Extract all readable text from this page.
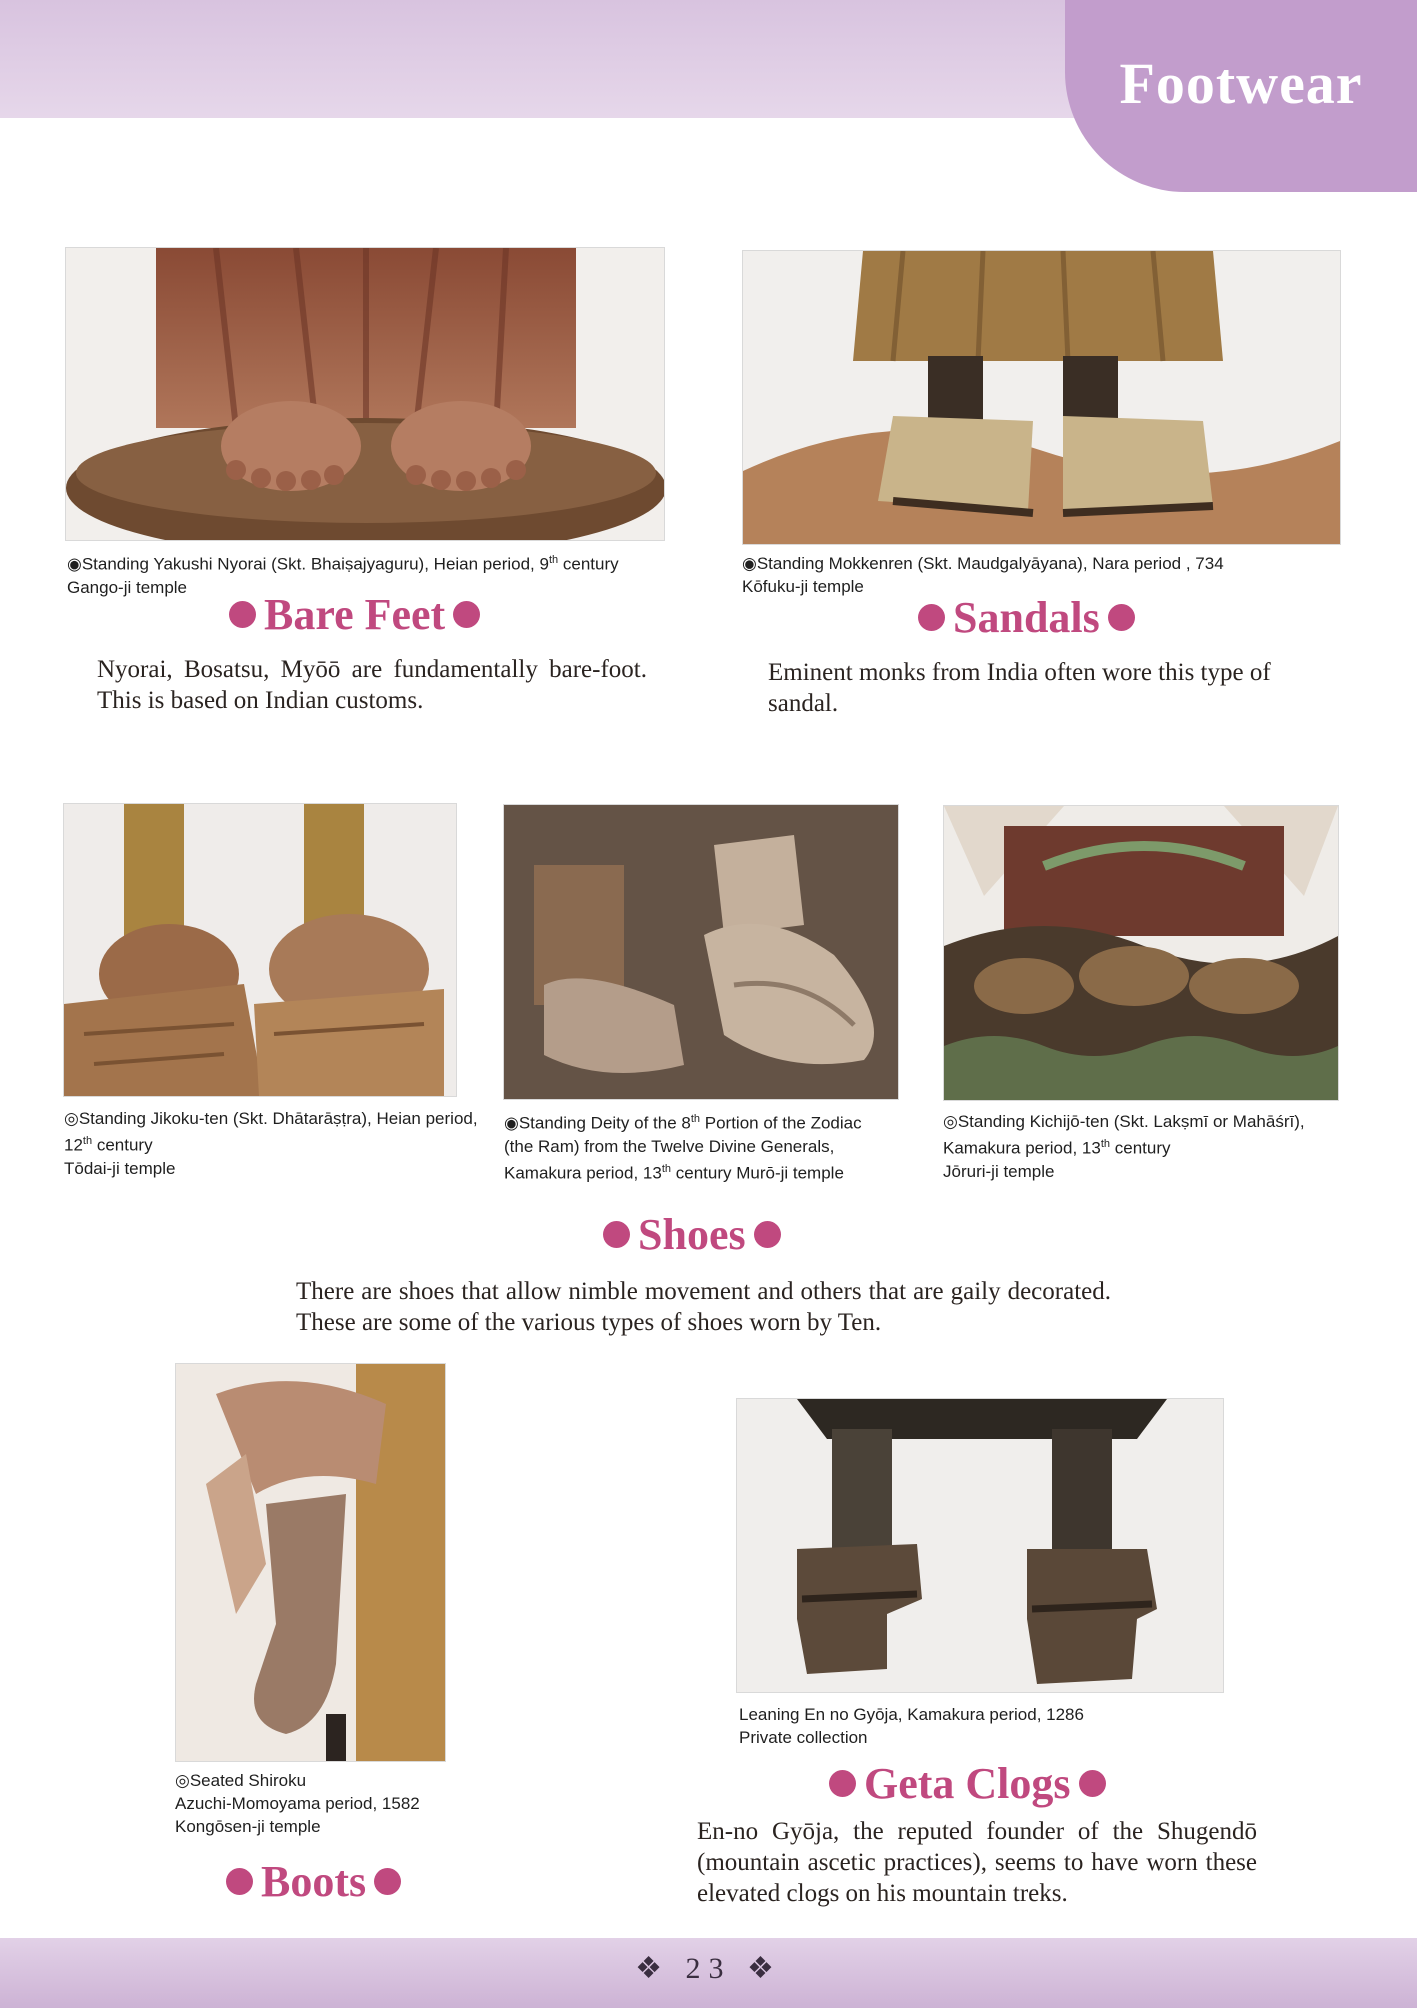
Footwear
◉Standing Yakushi Nyorai (Skt. Bhaiṣajyaguru), Heian period, 9th century
Gango-ji temple
Bare Feet
Nyorai, Bosatsu, Myōō are fundamentally bare-foot. This is based on Indian customs.
◉Standing Mokkenren (Skt. Maudgalyāyana), Nara period , 734
Kōfuku-ji temple
Sandals
Eminent monks from India often wore this type of sandal.
◎Standing Jikoku-ten (Skt. Dhātarāṣṭra), Heian period,
12th century
Tōdai-ji temple
◉Standing Deity of the 8th Portion of the Zodiac
(the Ram) from the Twelve Divine Generals,
Kamakura period, 13th century Murō-ji temple
◎Standing Kichijō-ten (Skt. Lakṣmī or Mahāśrī),
Kamakura period, 13th century
Jōruri-ji temple
Shoes
There are shoes that allow nimble movement and others that are gaily decorated. These are some of the various types of shoes worn by Ten.
◎Seated Shiroku
Azuchi-Momoyama period, 1582
Kongōsen-ji temple
Boots
Leaning En no Gyōja, Kamakura period, 1286
Private collection
Geta Clogs
En-no Gyōja, the reputed founder of the Shugendō (mountain ascetic practices), seems to have worn these elevated clogs on his mountain treks.
❖ 23 ❖
